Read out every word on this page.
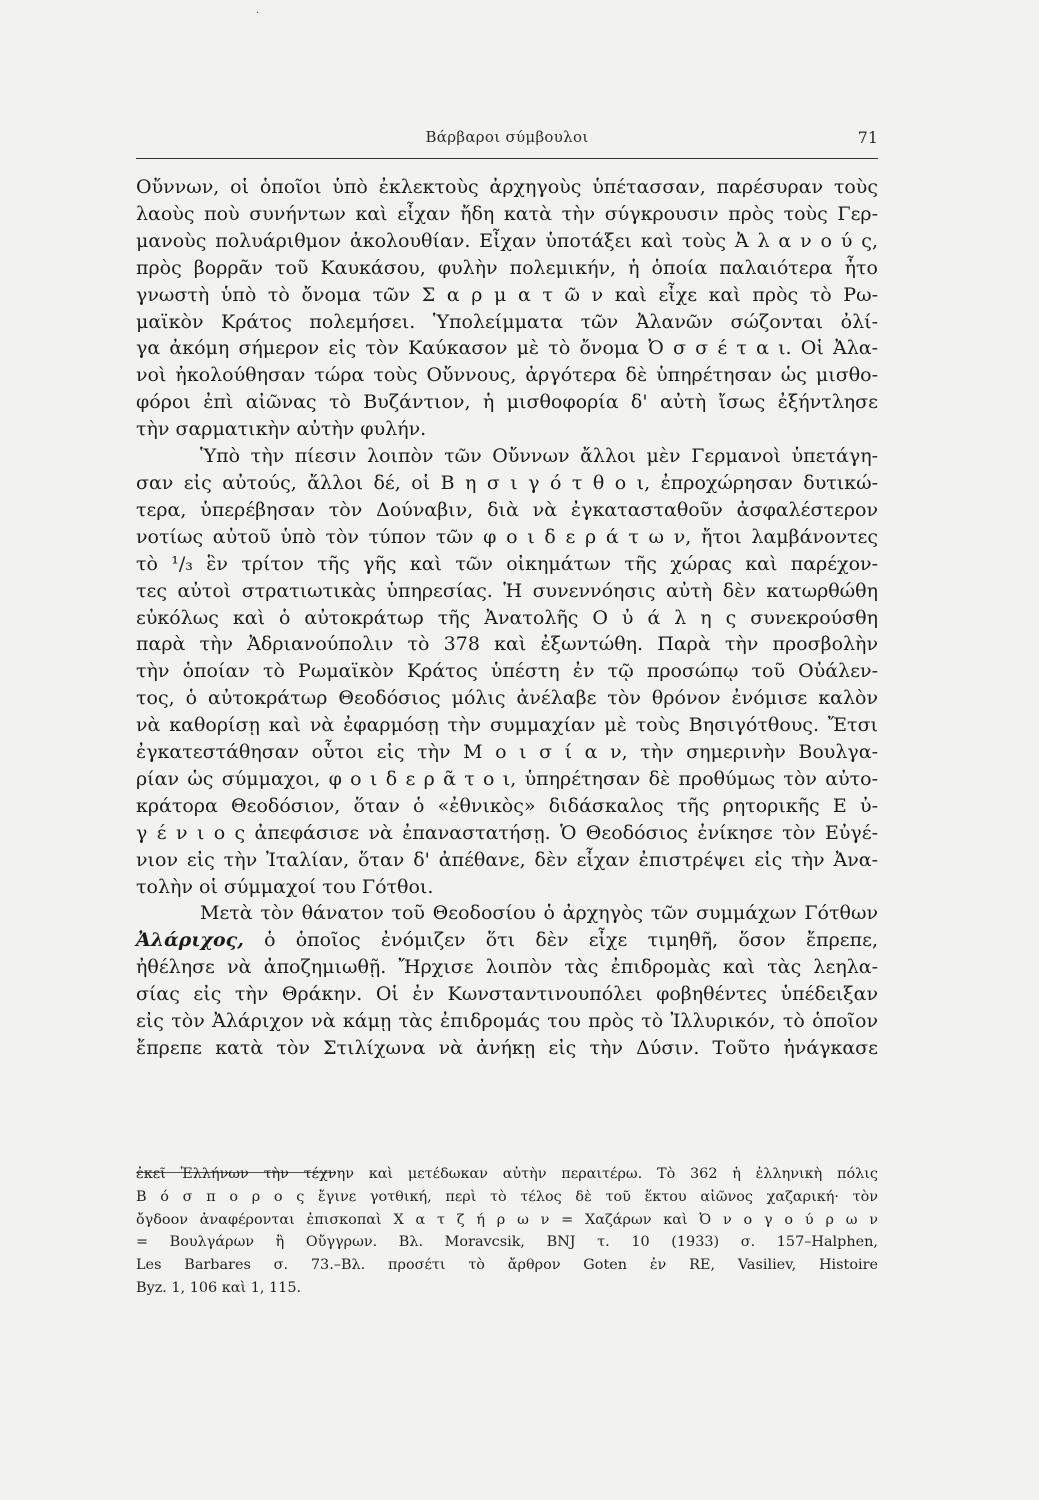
·
Βάρβαροι σύμβουλοι	71
Οὔννων, οἱ ὁποῖοι ὑπὸ ἐκλεκτοὺς ἀρχηγοὺς ὑπέτασσαν, παρέσυραν τοὺς
λαοὺς ποὺ συνήντων καὶ εἶχαν ἤδη κατὰ τὴν σύγκρουσιν πρὸς τοὺς Γερ-
μανοὺς πολυάριθμον ἀκολουθίαν. Εἶχαν ὑποτάξει καὶ τοὺς Ἀ λ α ν ο ύ ς,
πρὸς βορρᾶν τοῦ Καυκάσου, φυλὴν πολεμικήν, ἡ ὁποία παλαιότερα ἦτο
γνωστὴ ὑπὸ τὸ ὄνομα τῶν Σ α ρ μ α τ ῶ ν καὶ εἶχε καὶ πρὸς τὸ Ρω-
μαϊκὸν Κράτος πολεμήσει. Ὑπολείμματα τῶν Ἀλανῶν σώζονται ὀλί-
γα ἀκόμη σήμερον εἰς τὸν Καύκασον μὲ τὸ ὄνομα Ὀ σ σ έ τ α ι. Οἱ Ἀλα-
νοὶ ἠκολούθησαν τώρα τοὺς Οὔννους, ἀργότερα δὲ ὑπηρέτησαν ὡς μισθο-
φόροι ἐπὶ αἰῶνας τὸ Βυζάντιον, ἡ μισθοφορία δ' αὐτὴ ἴσως ἐξήντλησε
τὴν σαρματικὴν αὐτὴν φυλήν.
Ὑπὸ τὴν πίεσιν λοιπὸν τῶν Οὔννων ἄλλοι μὲν Γερμανοὶ ὑπετάγη-
σαν εἰς αὐτούς, ἄλλοι δέ, οἱ Β η σ ι γ ό τ θ ο ι, ἐπροχώρησαν δυτικώ-
τερα, ὑπερέβησαν τὸν Δούναβιν, διὰ νὰ ἐγκατασταθοῦν ἀσφαλέστερον
νοτίως αὐτοῦ ὑπὸ τὸν τύπον τῶν φ ο ι δ ε ρ ά τ ω ν, ἤτοι λαμβάνοντες
τὸ ¹/₃ ἓν τρίτον τῆς γῆς καὶ τῶν οἰκημάτων τῆς χώρας καὶ παρέχον-
τες αὐτοὶ στρατιωτικὰς ὑπηρεσίας. Ἡ συνεννόησις αὐτὴ δὲν κατωρθώθη
εὐκόλως καὶ ὁ αὐτοκράτωρ τῆς Ἀνατολῆς Ο ὐ ά λ η ς συνεκρούσθη
παρὰ τὴν Ἀδριανούπολιν τὸ 378 καὶ ἐξωντώθη. Παρὰ τὴν προσβολὴν
τὴν ὁποίαν τὸ Ρωμαϊκὸν Κράτος ὑπέστη ἐν τῷ προσώπῳ τοῦ Οὐάλεν-
τος, ὁ αὐτοκράτωρ Θεοδόσιος μόλις ἀνέλαβε τὸν θρόνον ἐνόμισε καλὸν
νὰ καθορίσῃ καὶ νὰ ἐφαρμόσῃ τὴν συμμαχίαν μὲ τοὺς Βησιγότθους. Ἔτσι
ἐγκατεστάθησαν οὗτοι εἰς τὴν Μ ο ι σ ί α ν, τὴν σημερινὴν Βουλγα-
ρίαν ὡς σύμμαχοι, φ ο ι δ ε ρ ᾶ τ ο ι, ὑπηρέτησαν δὲ προθύμως τὸν αὐτο-
κράτορα Θεοδόσιον, ὅταν ὁ «ἐθνικὸς» διδάσκαλος τῆς ρητορικῆς Ε ὐ-
γ έ ν ι ο ς ἀπεφάσισε νὰ ἐπαναστατήσῃ. Ὁ Θεοδόσιος ἐνίκησε τὸν Εὐγέ-
νιον εἰς τὴν Ἰταλίαν, ὅταν δ' ἀπέθανε, δὲν εἶχαν ἐπιστρέψει εἰς τὴν Ἀνα-
τολὴν οἱ σύμμαχοί του Γότθοι.
Μετὰ τὸν θάνατον τοῦ Θεοδοσίου ὁ ἀρχηγὸς τῶν συμμάχων Γότθων
Ἀλάριχος, ὁ ὁποῖος ἐνόμιζεν ὅτι δὲν εἶχε τιμηθῆ, ὅσον ἔπρεπε,
ἠθέλησε νὰ ἀποζημιωθῇ. Ἤρχισε λοιπὸν τὰς ἐπιδρομὰς καὶ τὰς λεηλα-
σίας εἰς τὴν Θράκην. Οἱ ἐν Κωνσταντινουπόλει φοβηθέντες ὑπέδειξαν
εἰς τὸν Ἀλάριχον νὰ κάμῃ τὰς ἐπιδρομάς του πρὸς τὸ Ἰλλυρικόν, τὸ ὁποῖον
ἔπρεπε κατὰ τὸν Στιλίχωνα νὰ ἀνήκῃ εἰς τὴν Δύσιν. Τοῦτο ἠνάγκασε
ἐκεῖ Ἑλλήνων τὴν τέχνην καὶ μετέδωκαν αὐτὴν περαιτέρω. Τὸ 362 ἡ ἑλληνικὴ πόλις
Β ό σ π ο ρ ο ς ἔγινε γοτθική, περὶ τὸ τέλος δὲ τοῦ ἕκτου αἰῶνος χαζαρική· τὸν
ὄγδοον ἀναφέρονται ἐπισκοπαὶ Χ α τ ζ ή ρ ω ν = Χαζάρων καὶ Ὀ ν ο γ ο ύ ρ ω ν
= Βουλγάρων ἢ Οὔγγρων. Βλ. Moravcsik, BNJ τ. 10 (1933) σ. 157–Halphen,
Les Barbares σ. 73.–Βλ. προσέτι τὸ ἄρθρον Goten ἐν RE, Vasiliev, Histoire
Byz. 1, 106 καὶ 1, 115.
